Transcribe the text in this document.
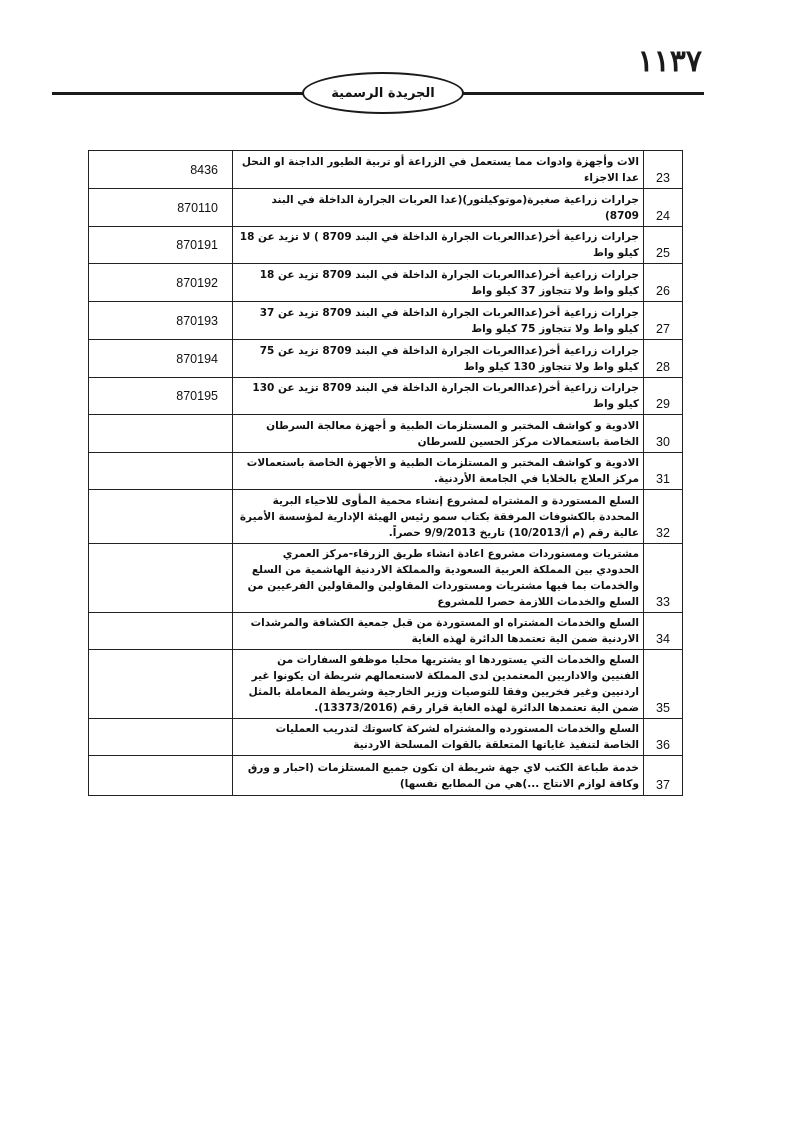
١١٣٧
الجريدة الرسمية
8436	الات وأجهزة وادوات مما يستعمل في الزراعة أو تربية الطيور الداجنة او النحل عدا الاجزاء	23
870110	جرارات زراعية صغيرة(موتوكيلتور)(عدا العربات الجرارة الداخلة في البند 8709)	24
870191	جرارات زراعية أخر(عداالعربات الجرارة الداخلة في البند 8709 ) لا تزيد عن 18 كيلو واط	25
870192	جرارات زراعية أخر(عداالعربات الجرارة الداخلة في البند 8709 تزيد عن 18 كيلو واط ولا تتجاوز 37 كيلو واط	26
870193	جرارات زراعية أخر(عداالعربات الجرارة الداخلة في البند 8709 تزيد عن 37 كيلو واط ولا تتجاوز 75 كيلو واط	27
870194	جرارات زراعية أخر(عداالعربات الجرارة الداخلة في البند 8709 تزيد عن 75 كيلو واط ولا تتجاوز 130 كيلو واط	28
870195	جرارات زراعية أخر(عداالعربات الجرارة الداخلة في البند 8709 تزيد عن 130 كيلو واط	29
	الادوية و كواشف المختبر و المستلزمات الطبية و أجهزة معالجة السرطان الخاصة باستعمالات مركز الحسين للسرطان	30
	الادوية و كواشف المختبر و المستلزمات الطبية و الأجهزة الخاصة باستعمالات مركز العلاج بالخلايا في الجامعة الأردنية.	31
	السلع المستوردة و المشتراه لمشروع إنشاء محمية المأوى للاحياء البرية المحددة بالكشوفات المرفقة بكتاب سمو رئيس الهيئة الإدارية لمؤسسة الأميرة عالية رقم (م أ/10/2013) تاريخ 9/9/2013 حصراً.	32
	مشتريات ومستوردات مشروع اعادة انشاء طريق الزرقاء-مركز العمري الحدودي بين المملكة العربية السعودية والمملكة الاردنية الهاشمية من السلع والخدمات بما فيها مشتريات ومستوردات المقاولين والمقاولين الفرعيين من السلع والخدمات اللازمة حصرا للمشروع	33
	السلع والخدمات المشتراه او المستوردة من قبل جمعية الكشافة والمرشدات الاردنية ضمن الية تعتمدها الدائرة لهذه الغاية	34
	السلع والخدمات التي يستوردها او يشتريها محليا موظفو السفارات من الفنيين والاداريين المعتمدين لدى المملكة لاستعمالهم شريطة ان يكونوا غير اردنيين وغير فخريين وفقا للتوصيات وزير الخارجية وشريطة المعاملة بالمثل ضمن الية تعتمدها الدائرة لهذه الغاية قرار رقم (13373/2016).	35
	السلع والخدمات المستورده والمشتراه لشركة كاسوتك لتدريب العمليات الخاصة لتنفيذ غاياتها المتعلقة بالقوات المسلحة الاردنية	36
	خدمة طباعة الكتب لاي جهة شريطة ان تكون جميع المستلزمات (احبار و ورق وكافة لوازم الانتاج ...)هي من المطابع نفسها)	37
